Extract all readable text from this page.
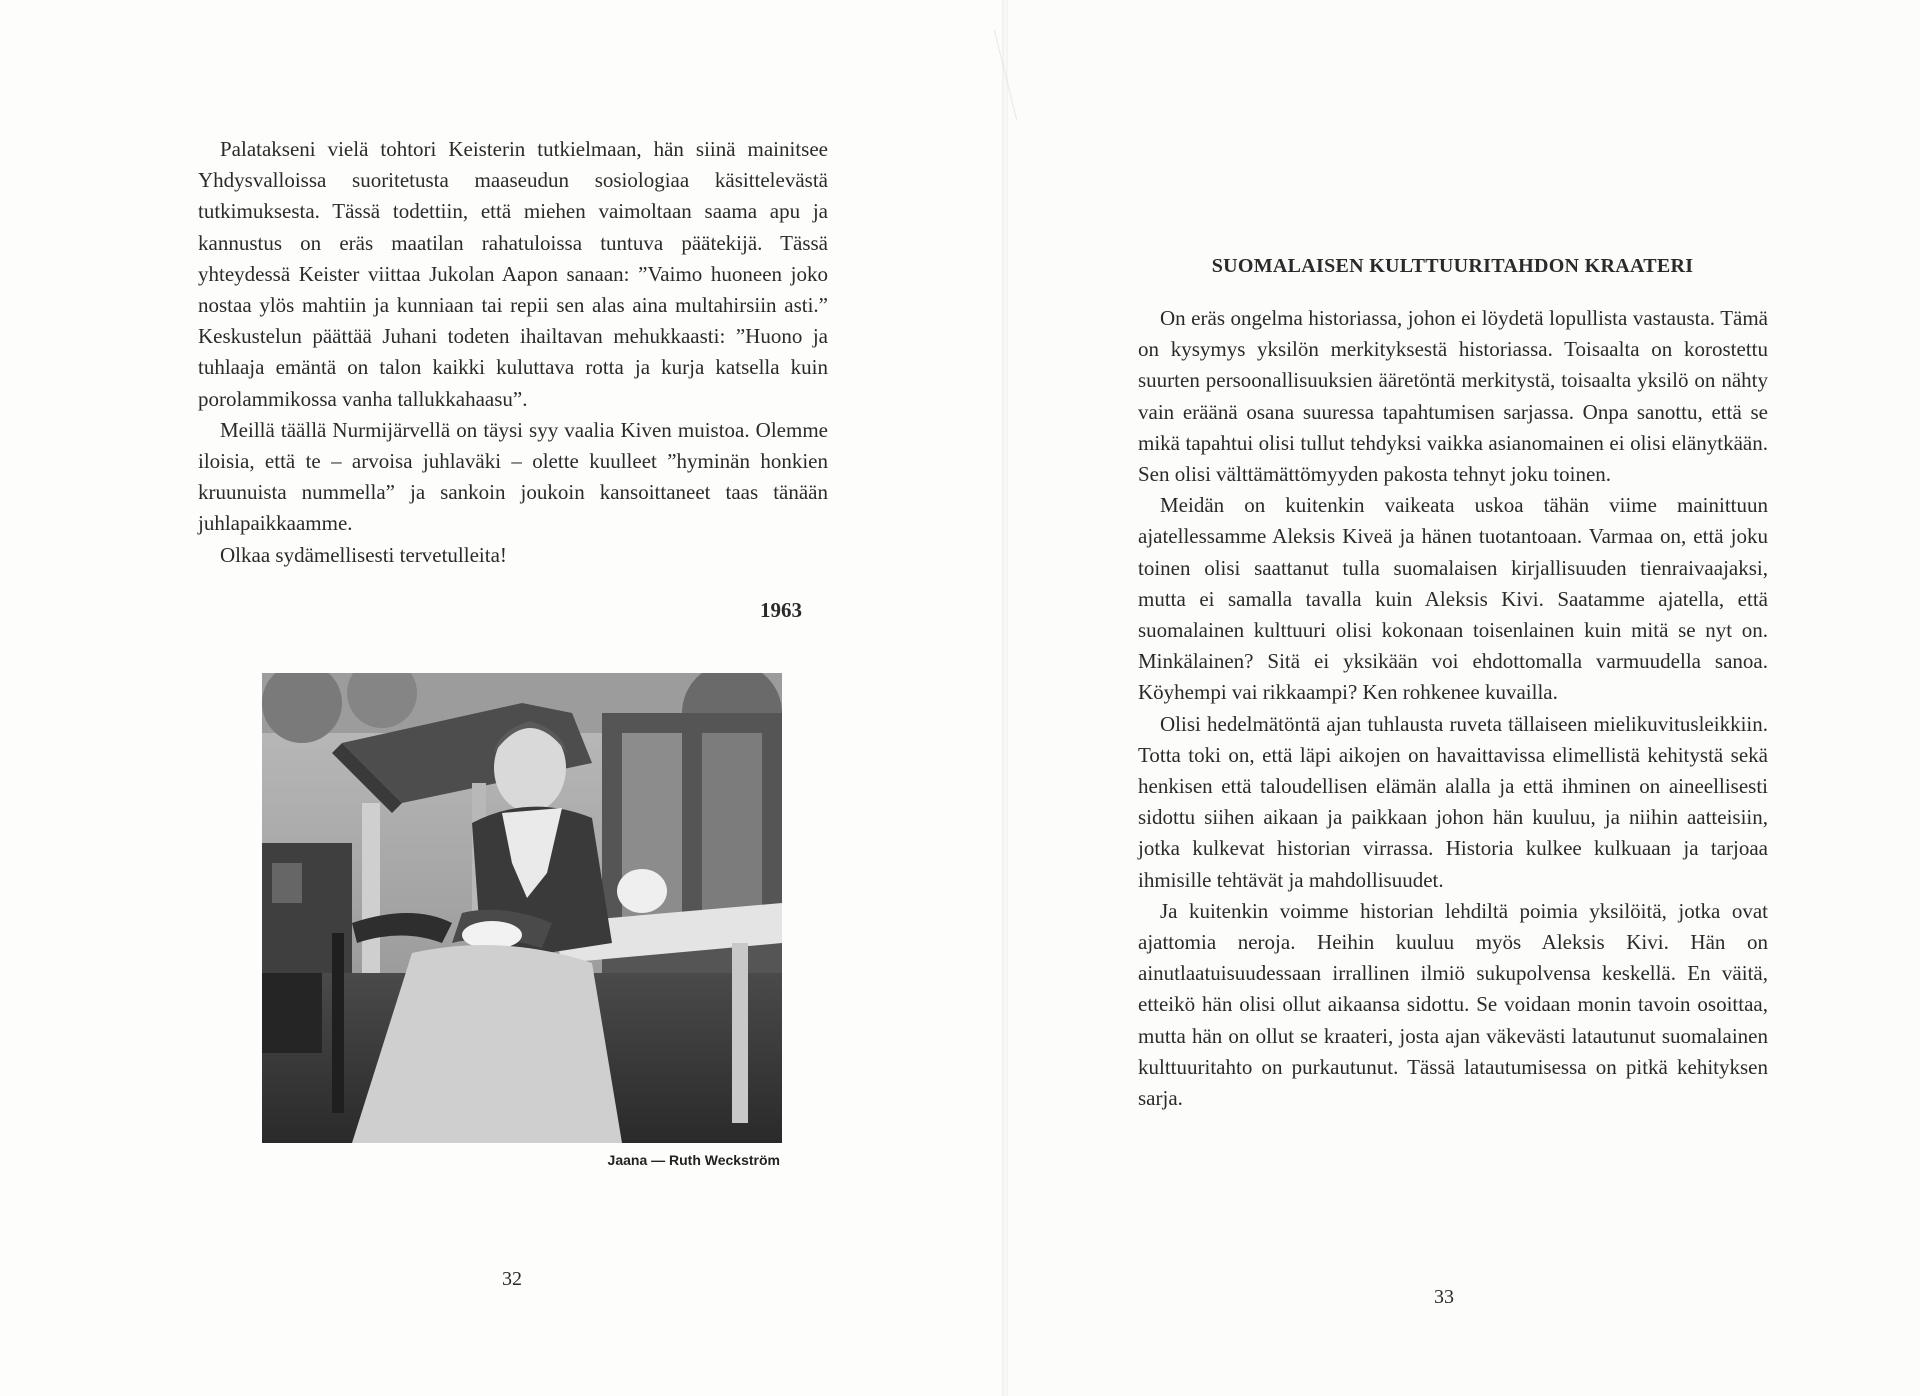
Palatakseni vielä tohtori Keisterin tutkielmaan, hän siinä mainitsee Yhdysvalloissa suoritetusta maaseudun sosiologiaa käsittelevästä tutkimuksesta. Tässä todettiin, että miehen vaimoltaan saama apu ja kannustus on eräs maatilan rahatuloissa tuntuva päätekijä. Tässä yhteydessä Keister viittaa Jukolan Aapon sanaan: ”Vaimo huoneen joko nostaa ylös mahtiin ja kunniaan tai repii sen alas aina multahirsiin asti.” Keskustelun päättää Juhani todeten ihailtavan mehukkaasti: ”Huono ja tuhlaaja emäntä on talon kaikki kuluttava rotta ja kurja katsella kuin porolammikossa vanha tallukkahaasu”.

Meillä täällä Nurmijärvellä on täysi syy vaalia Kiven muistoa. Olemme iloisia, että te – arvoisa juhlaväki – olette kuulleet ”hyminän honkien kruunuista nummella” ja sankoin joukoin kansoittaneet taas tänään juhlapaikkaamme.

Olkaa sydämellisesti tervetulleita!

1963
Jaana — Ruth Weckström
32
SUOMALAISEN KULTTUURITAHDON KRAATERI

On eräs ongelma historiassa, johon ei löydetä lopullista vastausta. Tämä on kysymys yksilön merkityksestä historiassa. Toisaalta on korostettu suurten persoonallisuuksien ääretöntä merkitystä, toisaalta yksilö on nähty vain eräänä osana suuressa tapahtumisen sarjassa. Onpa sanottu, että se mikä tapahtui olisi tullut tehdyksi vaikka asianomainen ei olisi elänytkään. Sen olisi välttämättömyyden pakosta tehnyt joku toinen.

Meidän on kuitenkin vaikeata uskoa tähän viime mainittuun ajatellessamme Aleksis Kiveä ja hänen tuotantoaan. Varmaa on, että joku toinen olisi saattanut tulla suomalaisen kirjallisuuden tienraivaajaksi, mutta ei samalla tavalla kuin Aleksis Kivi. Saatamme ajatella, että suomalainen kulttuuri olisi kokonaan toisenlainen kuin mitä se nyt on. Minkälainen? Sitä ei yksikään voi ehdottomalla varmuudella sanoa. Köyhempi vai rikkaampi? Ken rohkenee kuvailla.

Olisi hedelmätöntä ajan tuhlausta ruveta tällaiseen mielikuvitusleikkiin. Totta toki on, että läpi aikojen on havaittavissa elimellistä kehitystä sekä henkisen että taloudellisen elämän alalla ja että ihminen on aineellisesti sidottu siihen aikaan ja paikkaan johon hän kuuluu, ja niihin aatteisiin, jotka kulkevat historian virrassa. Historia kulkee kulkuaan ja tarjoaa ihmisille tehtävät ja mahdollisuudet.

Ja kuitenkin voimme historian lehdiltä poimia yksilöitä, jotka ovat ajattomia neroja. Heihin kuuluu myös Aleksis Kivi. Hän on ainutlaatuisuudessaan irrallinen ilmiö sukupolvensa keskellä. En väitä, etteikö hän olisi ollut aikaansa sidottu. Se voidaan monin tavoin osoittaa, mutta hän on ollut se kraateri, josta ajan väkevästi latautunut suomalainen kulttuuritahto on purkautunut. Tässä latautumisessa on pitkä kehityksen sarja.

33
